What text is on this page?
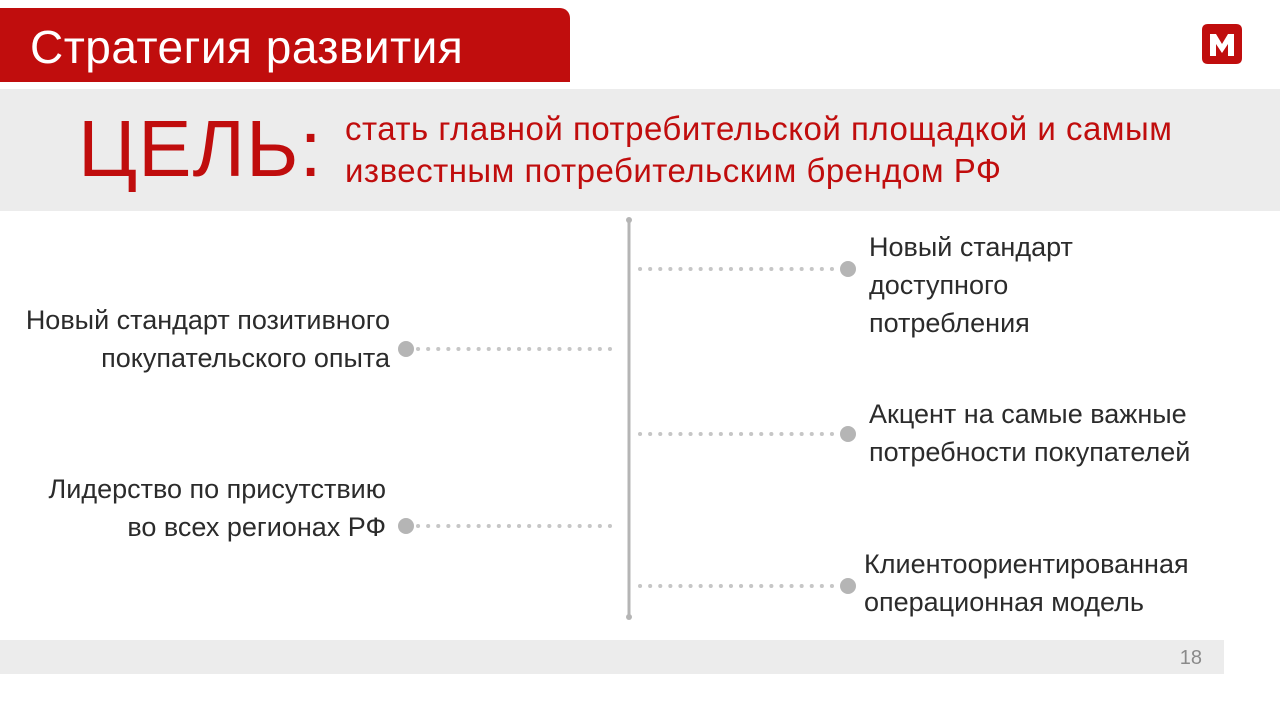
Стратегия развития
ЦЕЛЬ: стать главной потребительской площадкой и самым известным потребительским брендом РФ
Новый стандарт позитивного покупательского опыта
Лидерство по присутствию во всех регионах РФ
Новый стандарт доступного потребления
Акцент на самые важные потребности покупателей
Клиентоориентированная операционная модель
18
